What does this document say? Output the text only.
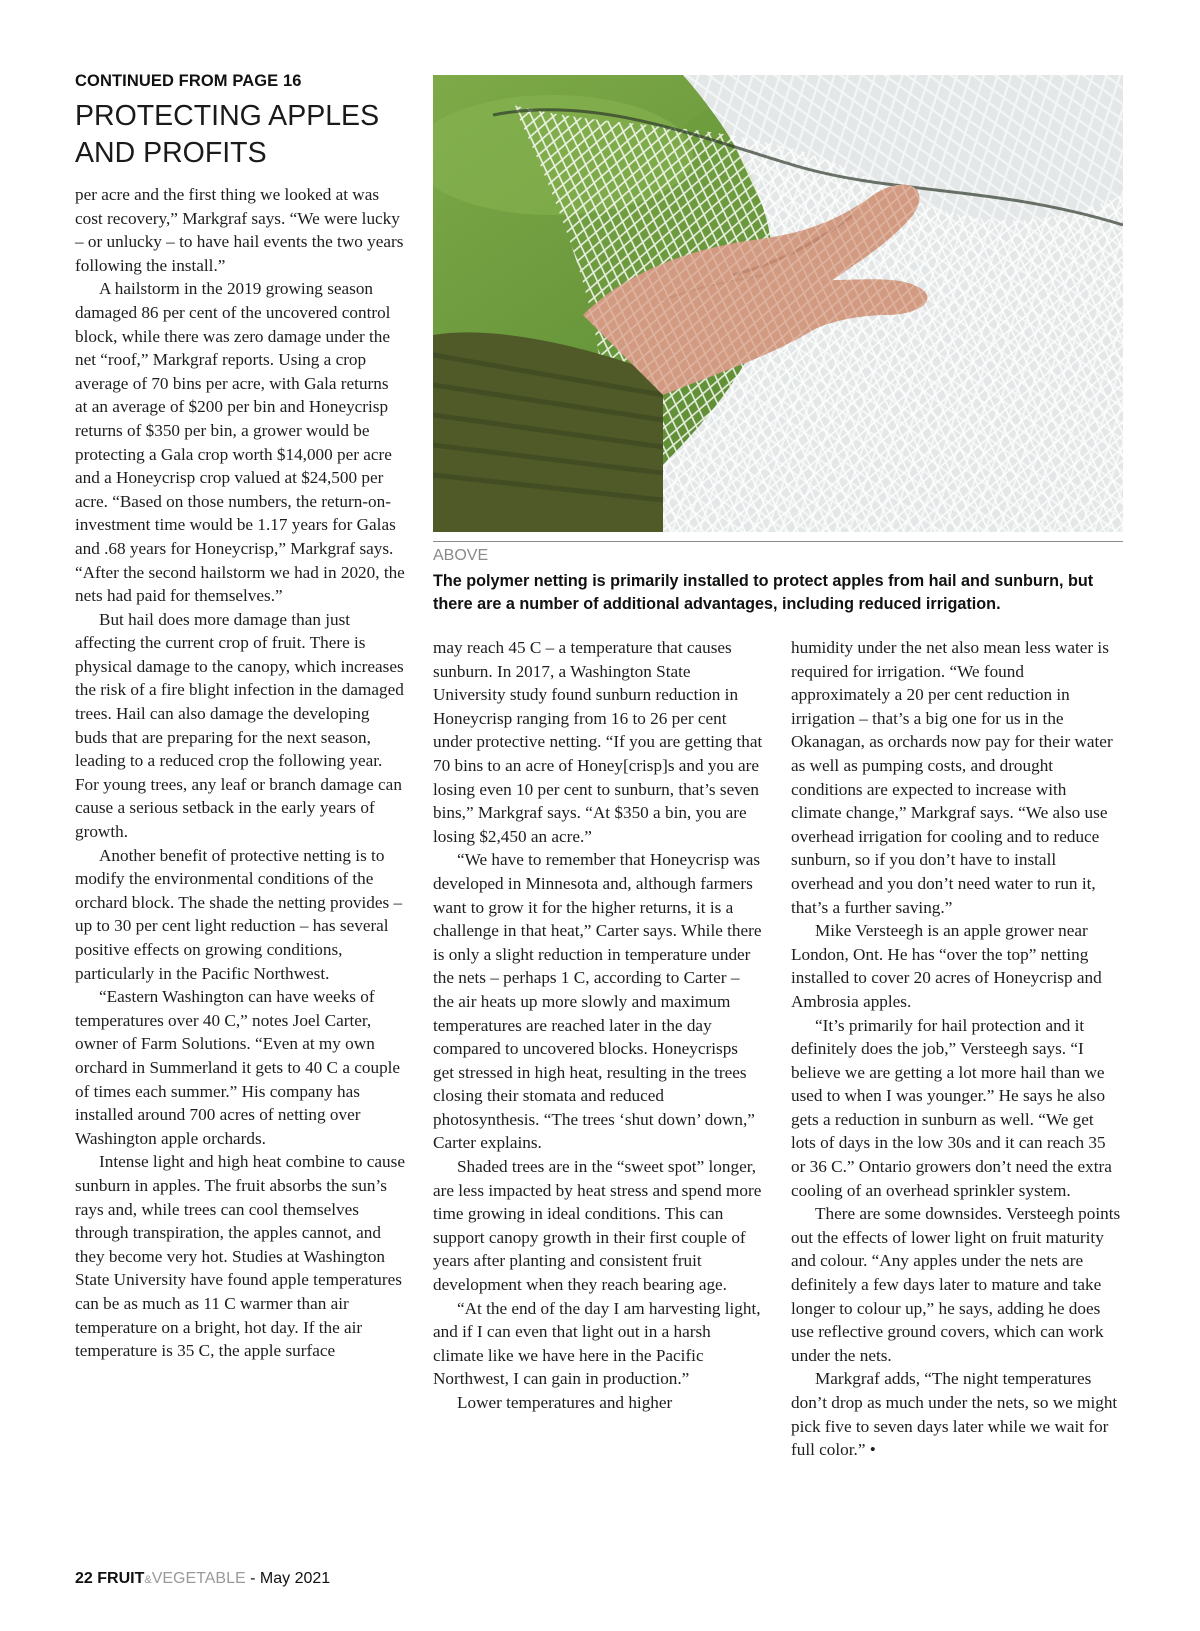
CONTINUED FROM PAGE 16
PROTECTING APPLES
AND PROFITS
ABOVE
The polymer netting is primarily installed to protect apples from hail and sunburn, but there are a number of additional advantages, including reduced irrigation.

per acre and the first thing we looked at was cost recovery,” Markgraf says. “We were lucky – or unlucky – to have hail events the two years following the install.”

A hailstorm in the 2019 growing season damaged 86 per cent of the uncovered control block, while there was zero damage under the net “roof,” Markgraf reports. Using a crop average of 70 bins per acre, with Gala returns at an average of $200 per bin and Honeycrisp returns of $350 per bin, a grower would be protecting a Gala crop worth $14,000 per acre and a Honeycrisp crop valued at $24,500 per acre. “Based on those numbers, the return-on-investment time would be 1.17 years for Galas and .68 years for Honeycrisp,” Markgraf says. “After the second hailstorm we had in 2020, the nets had paid for themselves.”

But hail does more damage than just affecting the current crop of fruit. There is physical damage to the canopy, which increases the risk of a fire blight infection in the damaged trees. Hail can also damage the developing buds that are preparing for the next season, leading to a reduced crop the following year. For young trees, any leaf or branch damage can cause a serious setback in the early years of growth.

Another benefit of protective netting is to modify the environmental conditions of the orchard block. The shade the netting provides – up to 30 per cent light reduction – has several positive effects on growing conditions, particularly in the Pacific Northwest.

“Eastern Washington can have weeks of temperatures over 40 C,” notes Joel Carter, owner of Farm Solutions. “Even at my own orchard in Summerland it gets to 40 C a couple of times each summer.” His company has installed around 700 acres of netting over Washington apple orchards.

Intense light and high heat combine to cause sunburn in apples. The fruit absorbs the sun’s rays and, while trees can cool themselves through transpiration, the apples cannot, and they become very hot. Studies at Washington State University have found apple temperatures can be as much as 11 C warmer than air temperature on a bright, hot day. If the air temperature is 35 C, the apple surface

may reach 45 C – a temperature that causes sunburn. In 2017, a Washington State University study found sunburn reduction in Honeycrisp ranging from 16 to 26 per cent under protective netting. “If you are getting that 70 bins to an acre of Honey[crisp]s and you are losing even 10 per cent to sunburn, that’s seven bins,” Markgraf says. “At $350 a bin, you are losing $2,450 an acre.”

“We have to remember that Honeycrisp was developed in Minnesota and, although farmers want to grow it for the higher returns, it is a challenge in that heat,” Carter says. While there is only a slight reduction in temperature under the nets – perhaps 1 C, according to Carter – the air heats up more slowly and maximum temperatures are reached later in the day compared to uncovered blocks. Honeycrisps get stressed in high heat, resulting in the trees closing their stomata and reduced photosynthesis. “The trees ‘shut down’ down,” Carter explains.

Shaded trees are in the “sweet spot” longer, are less impacted by heat stress and spend more time growing in ideal conditions. This can support canopy growth in their first couple of years after planting and consistent fruit development when they reach bearing age.

“At the end of the day I am harvesting light, and if I can even that light out in a harsh climate like we have here in the Pacific Northwest, I can gain in production.”

Lower temperatures and higher

humidity under the net also mean less water is required for irrigation. “We found approximately a 20 per cent reduction in irrigation – that’s a big one for us in the Okanagan, as orchards now pay for their water as well as pumping costs, and drought conditions are expected to increase with climate change,” Markgraf says. “We also use overhead irrigation for cooling and to reduce sunburn, so if you don’t have to install overhead and you don’t need water to run it, that’s a further saving.”

Mike Versteegh is an apple grower near London, Ont. He has “over the top” netting installed to cover 20 acres of Honeycrisp and Ambrosia apples.

“It’s primarily for hail protection and it definitely does the job,” Versteegh says. “I believe we are getting a lot more hail than we used to when I was younger.” He says he also gets a reduction in sunburn as well. “We get lots of days in the low 30s and it can reach 35 or 36 C.” Ontario growers don’t need the extra cooling of an overhead sprinkler system.

There are some downsides. Versteegh points out the effects of lower light on fruit maturity and colour. “Any apples under the nets are definitely a few days later to mature and take longer to colour up,” he says, adding he does use reflective ground covers, which can work under the nets.

Markgraf adds, “The night temperatures don’t drop as much under the nets, so we might pick five to seven days later while we wait for full color.” •

22 FRUIT&VEGETABLE - May 2021
